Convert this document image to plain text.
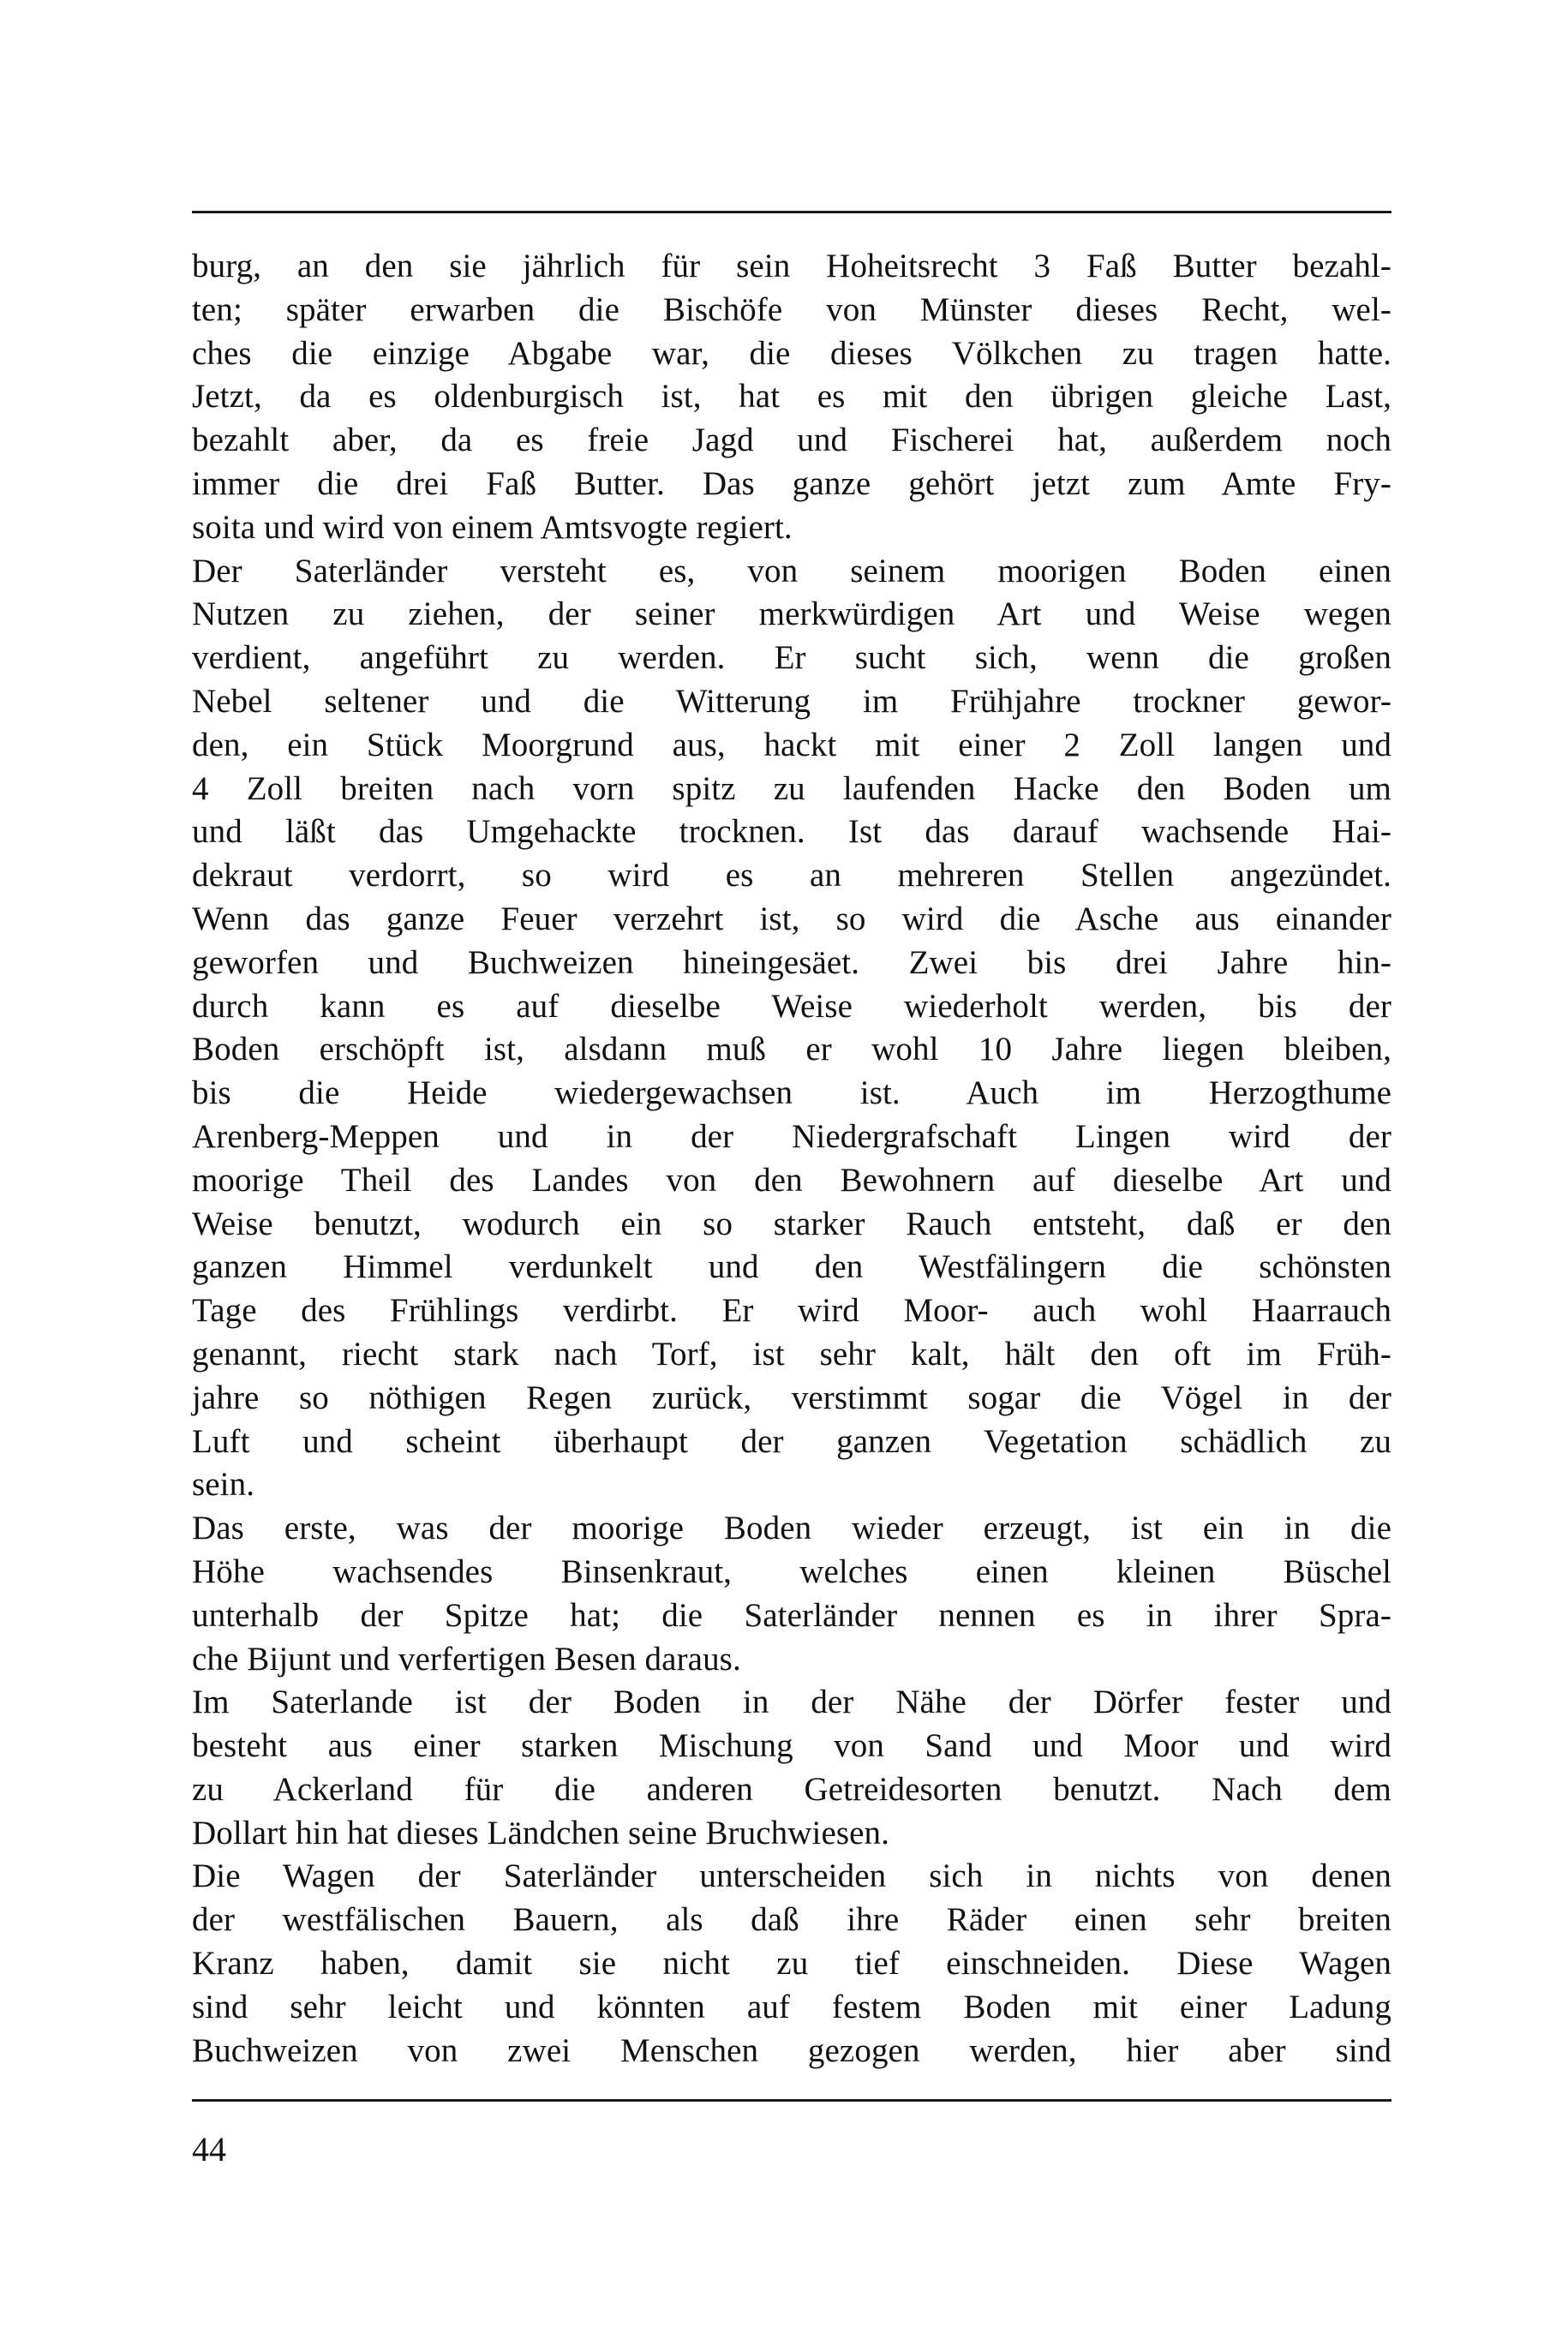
burg, an den sie jährlich für sein Hoheitsrecht 3 Faß Butter bezahl-
ten; später erwarben die Bischöfe von Münster dieses Recht, wel-
ches die einzige Abgabe war, die dieses Völkchen zu tragen hatte.
Jetzt, da es oldenburgisch ist, hat es mit den übrigen gleiche Last,
bezahlt aber, da es freie Jagd und Fischerei hat, außerdem noch
immer die drei Faß Butter. Das ganze gehört jetzt zum Amte Fry-
soita und wird von einem Amtsvogte regiert.
Der Saterländer versteht es, von seinem moorigen Boden einen
Nutzen zu ziehen, der seiner merkwürdigen Art und Weise wegen
verdient, angeführt zu werden. Er sucht sich, wenn die großen
Nebel seltener und die Witterung im Frühjahre trockner gewor-
den, ein Stück Moorgrund aus, hackt mit einer 2 Zoll langen und
4 Zoll breiten nach vorn spitz zu laufenden Hacke den Boden um
und läßt das Umgehackte trocknen. Ist das darauf wachsende Hai-
dekraut verdorrt, so wird es an mehreren Stellen angezündet.
Wenn das ganze Feuer verzehrt ist, so wird die Asche aus einander
geworfen und Buchweizen hineingesäet. Zwei bis drei Jahre hin-
durch kann es auf dieselbe Weise wiederholt werden, bis der
Boden erschöpft ist, alsdann muß er wohl 10 Jahre liegen bleiben,
bis die Heide wiedergewachsen ist. Auch im Herzogthume
Arenberg-Meppen und in der Niedergrafschaft Lingen wird der
moorige Theil des Landes von den Bewohnern auf dieselbe Art und
Weise benutzt, wodurch ein so starker Rauch entsteht, daß er den
ganzen Himmel verdunkelt und den Westfälingern die schönsten
Tage des Frühlings verdirbt. Er wird Moor- auch wohl Haarrauch
genannt, riecht stark nach Torf, ist sehr kalt, hält den oft im Früh-
jahre so nöthigen Regen zurück, verstimmt sogar die Vögel in der
Luft und scheint überhaupt der ganzen Vegetation schädlich zu
sein.
Das erste, was der moorige Boden wieder erzeugt, ist ein in die
Höhe wachsendes Binsenkraut, welches einen kleinen Büschel
unterhalb der Spitze hat; die Saterländer nennen es in ihrer Spra-
che Bijunt und verfertigen Besen daraus.
Im Saterlande ist der Boden in der Nähe der Dörfer fester und
besteht aus einer starken Mischung von Sand und Moor und wird
zu Ackerland für die anderen Getreidesorten benutzt. Nach dem
Dollart hin hat dieses Ländchen seine Bruchwiesen.
Die Wagen der Saterländer unterscheiden sich in nichts von denen
der westfälischen Bauern, als daß ihre Räder einen sehr breiten
Kranz haben, damit sie nicht zu tief einschneiden. Diese Wagen
sind sehr leicht und könnten auf festem Boden mit einer Ladung
Buchweizen von zwei Menschen gezogen werden, hier aber sind
44
